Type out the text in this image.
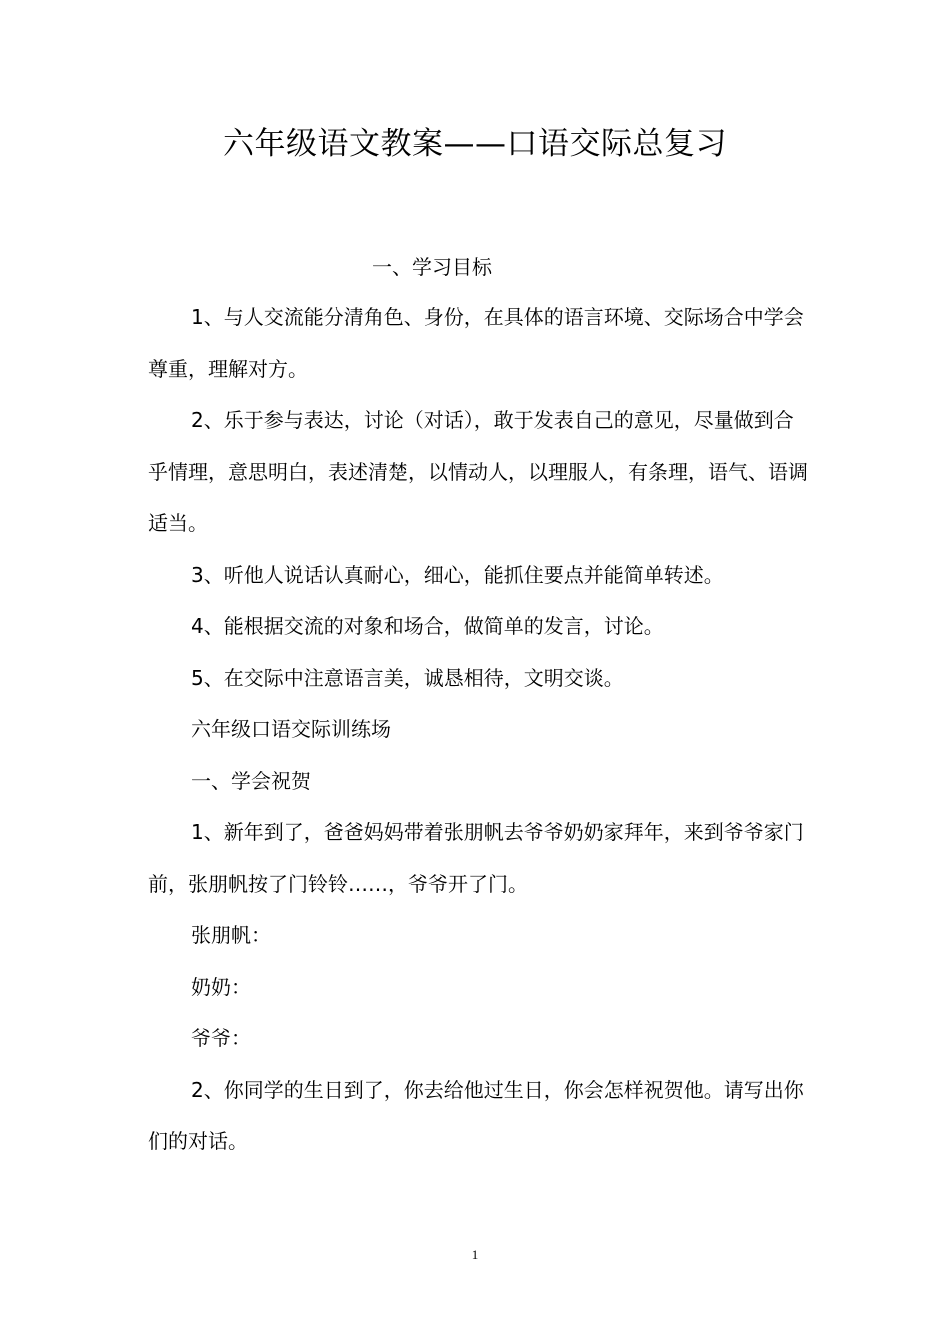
六年级语文教案——口语交际总复习
一、学习目标

1、与人交流能分清角色、身份，在具体的语言环境、交际场合中学会尊重，理解对方。

2、乐于参与表达，讨论（对话），敢于发表自己的意见，尽量做到合乎情理，意思明白，表述清楚，以情动人，以理服人，有条理，语气、语调适当。

3、听他人说话认真耐心，细心，能抓住要点并能简单转述。

4、能根据交流的对象和场合，做简单的发言，讨论。

5、在交际中注意语言美，诚恳相待，文明交谈。

六年级口语交际训练场

一、学会祝贺

1、新年到了，爸爸妈妈带着张朋帆去爷爷奶奶家拜年，来到爷爷家门前，张朋帆按了门铃铃……，爷爷开了门。

张朋帆：

奶奶：

爷爷：

2、你同学的生日到了，你去给他过生日，你会怎样祝贺他。请写出你们的对话。

1
